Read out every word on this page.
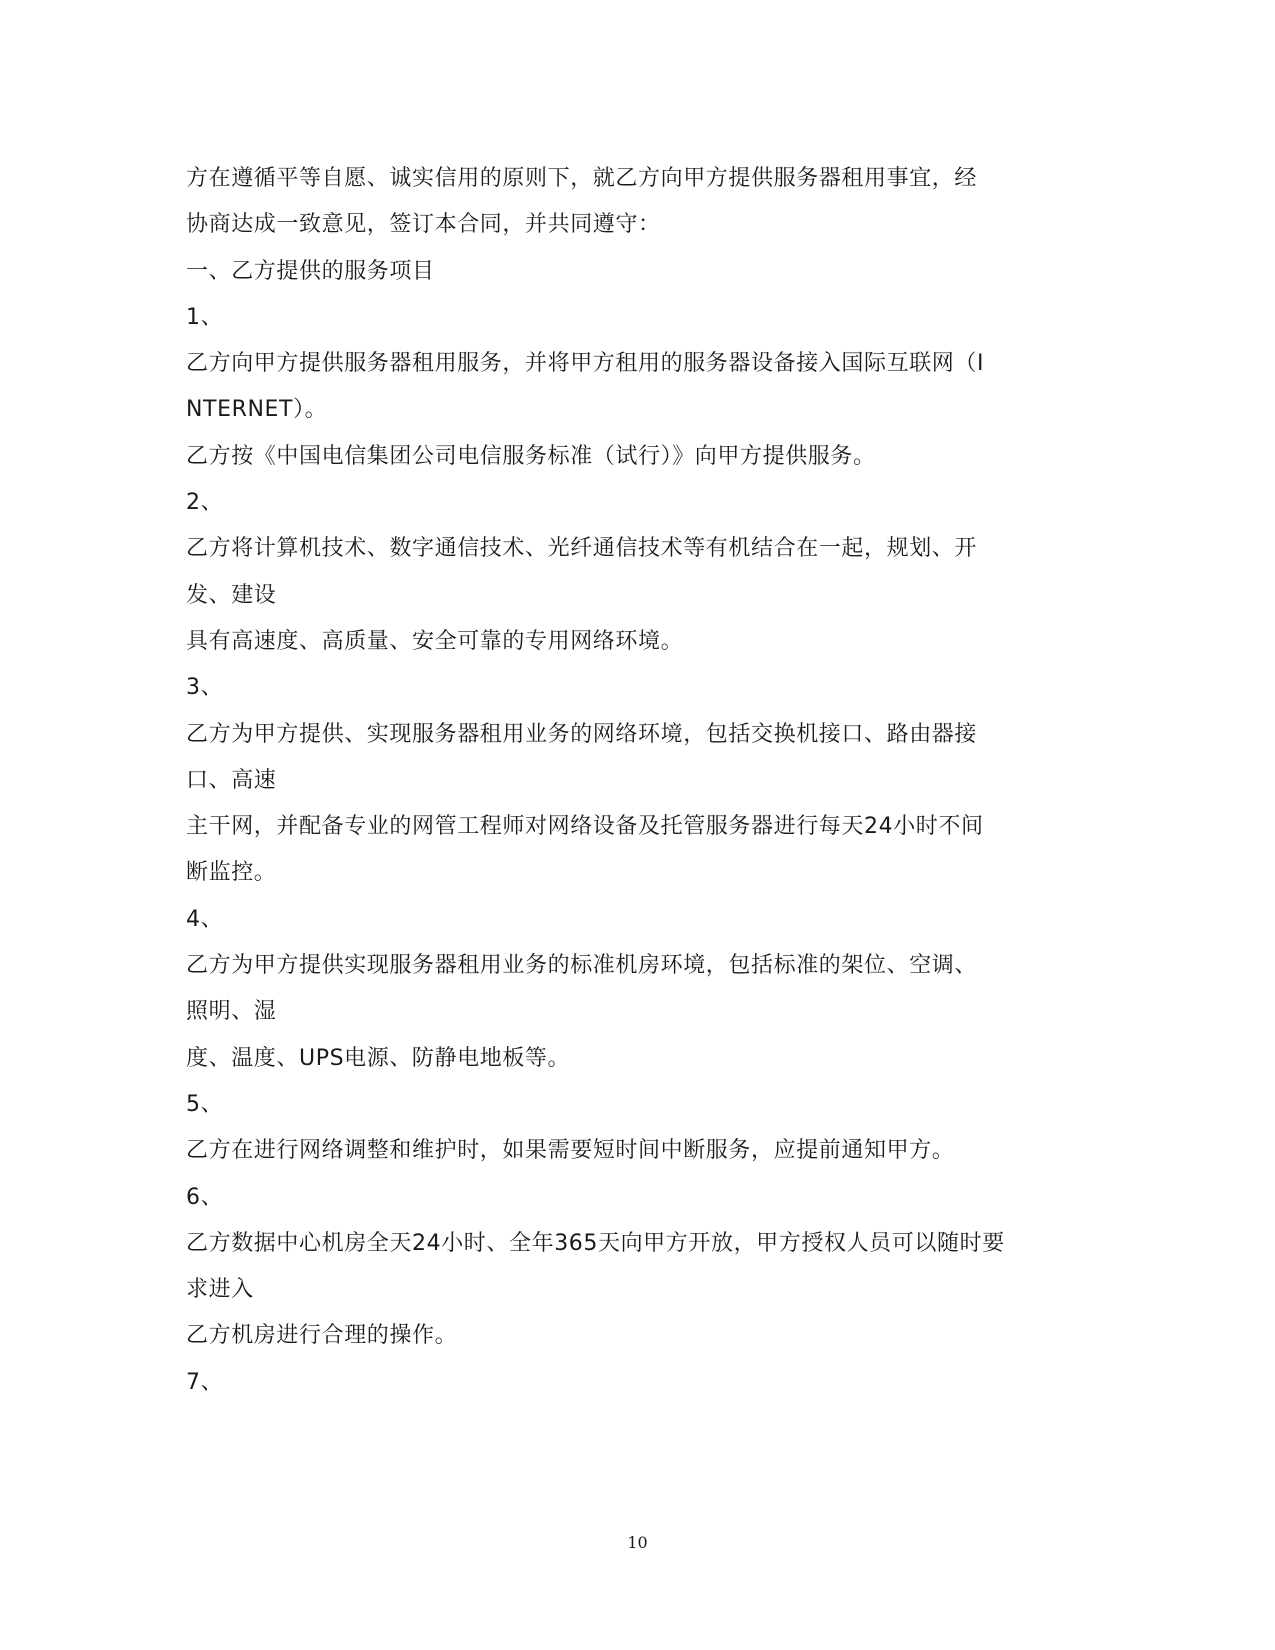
方在遵循平等自愿、诚实信用的原则下，就乙方向甲方提供服务器租用事宜，经
协商达成一致意见，签订本合同，并共同遵守：
一、乙方提供的服务项目
1、
乙方向甲方提供服务器租用服务，并将甲方租用的服务器设备接入国际互联网（I
NTERNET）。
乙方按《中国电信集团公司电信服务标准（试行）》向甲方提供服务。
2、
乙方将计算机技术、数字通信技术、光纤通信技术等有机结合在一起，规划、开
发、建设
具有高速度、高质量、安全可靠的专用网络环境。
3、
乙方为甲方提供、实现服务器租用业务的网络环境，包括交换机接口、路由器接
口、高速
主干网，并配备专业的网管工程师对网络设备及托管服务器进行每天24小时不间
断监控。
4、
乙方为甲方提供实现服务器租用业务的标准机房环境，包括标准的架位、空调、
照明、湿
度、温度、UPS电源、防静电地板等。
5、
乙方在进行网络调整和维护时，如果需要短时间中断服务，应提前通知甲方。
6、
乙方数据中心机房全天24小时、全年365天向甲方开放，甲方授权人员可以随时要
求进入
乙方机房进行合理的操作。
7、
10
